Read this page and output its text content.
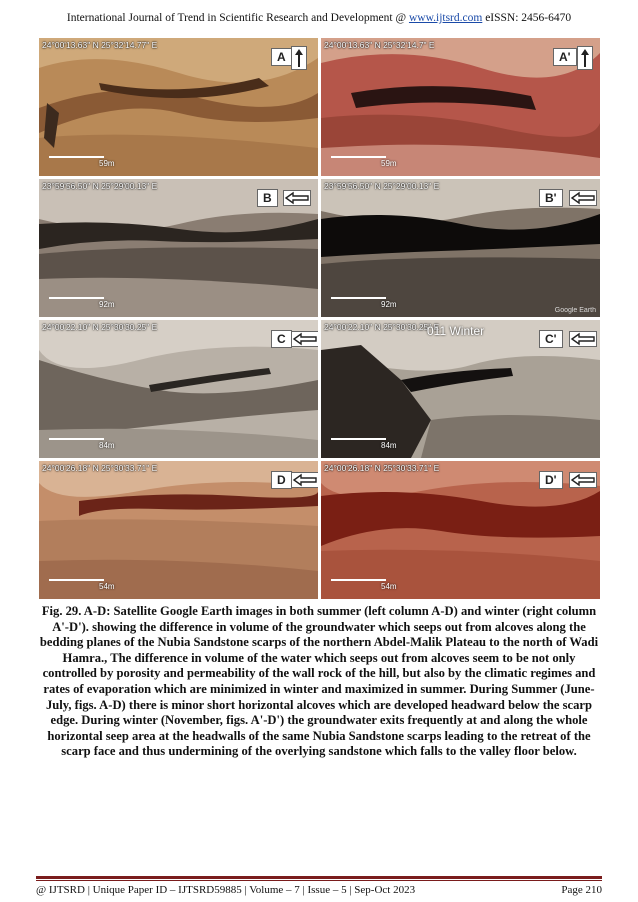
International Journal of Trend in Scientific Research and Development @ www.ijtsrd.com eISSN: 2456-6470
24°00'13.63" N 25°32'14.77" E
A
59m
24°00'13.63" N 25°32'14.7" E
A'
59m
23°59'56.50" N 25°29'00.13" E
B
92m
23°59'56.50" N 25°29'00.13" E
B'
92m
Google Earth
24°00'22.10" N 25°30'30.25" E
C
84m
24°00'22.10" N 25°30'30.25" E
011 Winter
C'
84m
24°00'26.18" N 25°30'33.71" E
D
54m
24°00'26.18" N 25°30'33.71" E
D'
54m
Fig. 29. A-D: Satellite Google Earth images in both summer (left column A-D) and winter (right column A'-D'). showing the difference in volume of the groundwater which seeps out from alcoves along the bedding planes of the Nubia Sandstone scarps of the northern Abdel-Malik Plateau to the north of Wadi Hamra., The difference in volume of the water which seeps out from alcoves seem to be not only controlled by porosity and permeability of the wall rock of the hill, but also by the climatic regimes and rates of evaporation which are minimized in winter and maximized in summer. During Summer (June-July, figs. A-D) there is minor short horizontal alcoves which are developed headward below the scarp edge. During winter (November, figs. A'-D') the groundwater exits frequently at and along the whole horizontal seep area at the headwalls of the same Nubia Sandstone scarps leading to the retreat of the scarp face and thus undermining of the overlying sandstone which falls to the valley floor below.
@ IJTSRD | Unique Paper ID – IJTSRD59885 | Volume – 7 | Issue – 5 | Sep-Oct 2023	Page 210
